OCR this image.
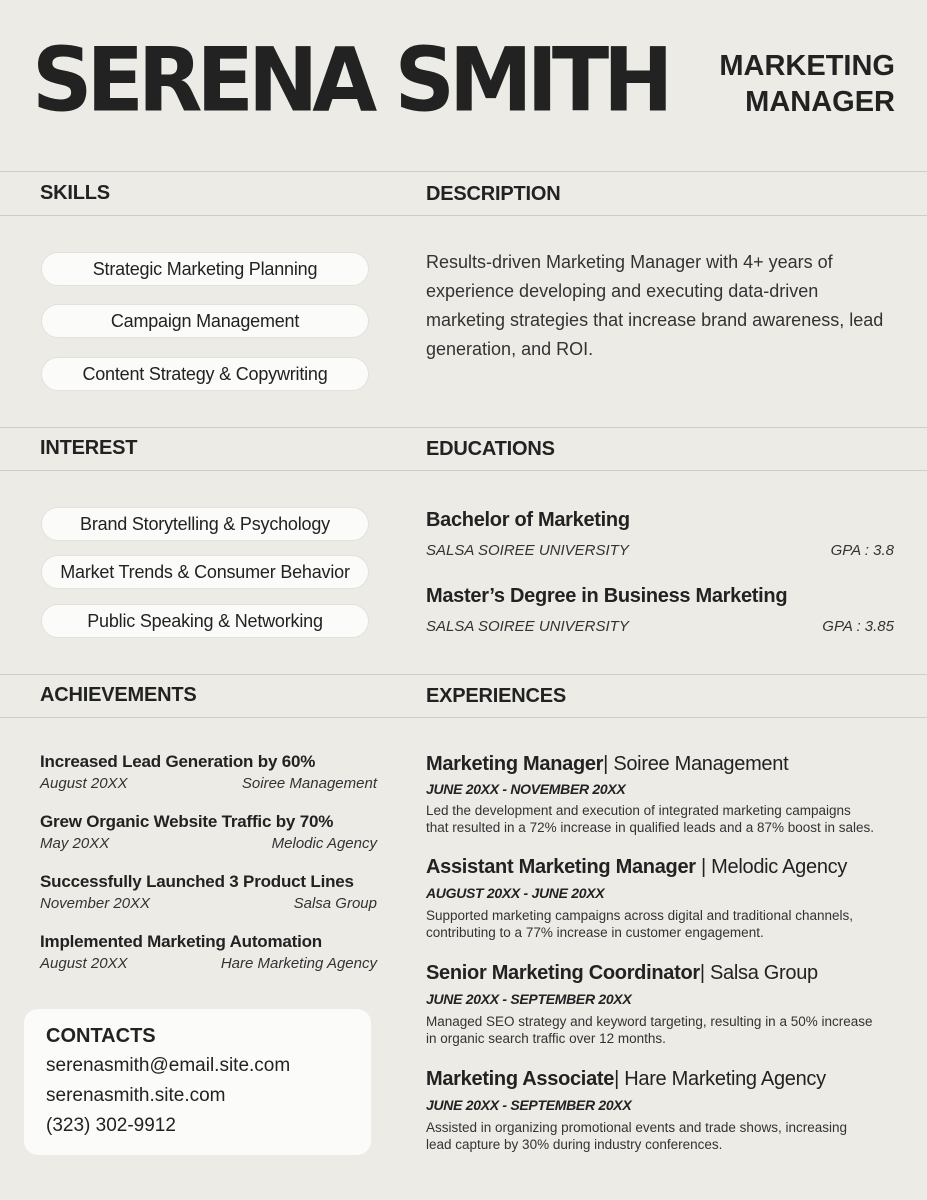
SERENA SMITH MARKETING
MANAGER
SKILLS
Strategic Marketing Planning
Campaign Management
Content Strategy & Copywriting
DESCRIPTION
Results-driven Marketing Manager with 4+ years of experience developing and executing data-driven marketing strategies that increase brand awareness, lead generation, and ROI.
INTEREST
Brand Storytelling & Psychology
Market Trends & Consumer Behavior
Public Speaking & Networking
EDUCATIONS
Bachelor of Marketing
SALSA SOIREE UNIVERSITY	GPA : 3.8
Master’s Degree in Business Marketing
SALSA SOIREE UNIVERSITY	GPA : 3.85
ACHIEVEMENTS
Increased Lead Generation by 60%
August 20XX	Soiree Management
Grew Organic Website Traffic by 70%
May 20XX	Melodic Agency
Successfully Launched 3 Product Lines
November 20XX	Salsa Group
Implemented Marketing Automation
August 20XX	Hare Marketing Agency
CONTACTS
serenasmith@email.site.com
serenasmith.site.com
(323) 302-9912
EXPERIENCES
Marketing Manager| Soiree Management
JUNE 20XX - NOVEMBER 20XX
Led the development and execution of integrated marketing campaigns that resulted in a 72% increase in qualified leads and a 87% boost in sales.
Assistant Marketing Manager | Melodic Agency
AUGUST 20XX - JUNE 20XX
Supported marketing campaigns across digital and traditional channels, contributing to a 77% increase in customer engagement.
Senior Marketing Coordinator| Salsa Group
JUNE 20XX - SEPTEMBER 20XX
Managed SEO strategy and keyword targeting, resulting in a 50% increase in organic search traffic over 12 months.
Marketing Associate| Hare Marketing Agency
JUNE 20XX - SEPTEMBER 20XX
Assisted in organizing promotional events and trade shows, increasing lead capture by 30% during industry conferences.
